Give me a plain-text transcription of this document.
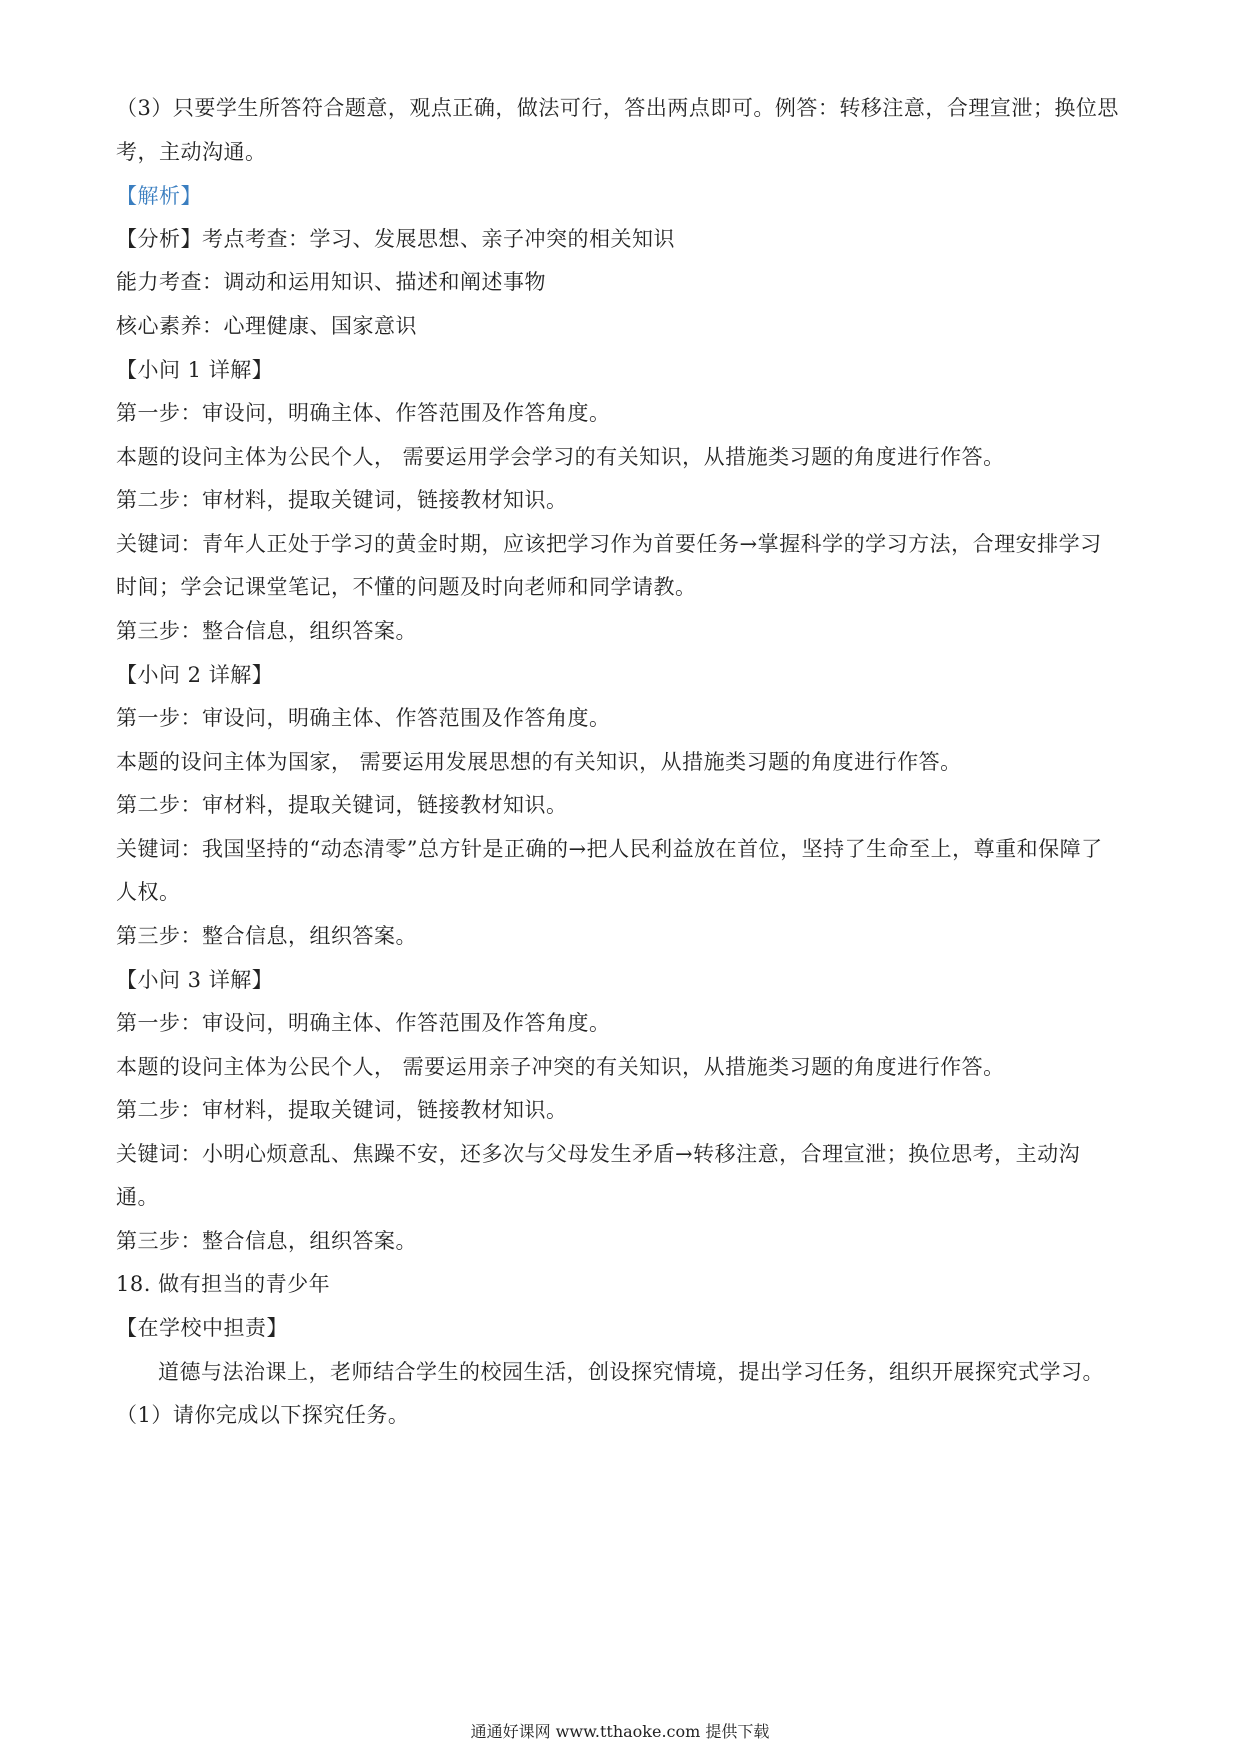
（3）只要学生所答符合题意，观点正确，做法可行，答出两点即可。例答：转移注意，合理宣泄；换位思
考，主动沟通。
【解析】
【分析】考点考查：学习、发展思想、亲子冲突的相关知识
能力考查：调动和运用知识、描述和阐述事物
核心素养：心理健康、国家意识
【小问 1 详解】
第一步：审设问，明确主体、作答范围及作答角度。
本题的设问主体为公民个人， 需要运用学会学习的有关知识，从措施类习题的角度进行作答。
第二步：审材料，提取关键词，链接教材知识。
关键词：青年人正处于学习的黄金时期，应该把学习作为首要任务→掌握科学的学习方法，合理安排学习
时间；学会记课堂笔记，不懂的问题及时向老师和同学请教。
第三步：整合信息，组织答案。
【小问 2 详解】
第一步：审设问，明确主体、作答范围及作答角度。
本题的设问主体为国家， 需要运用发展思想的有关知识，从措施类习题的角度进行作答。
第二步：审材料，提取关键词，链接教材知识。
关键词：我国坚持的“动态清零”总方针是正确的→把人民利益放在首位，坚持了生命至上，尊重和保障了
人权。
第三步：整合信息，组织答案。
【小问 3 详解】
第一步：审设问，明确主体、作答范围及作答角度。
本题的设问主体为公民个人， 需要运用亲子冲突的有关知识，从措施类习题的角度进行作答。
第二步：审材料，提取关键词，链接教材知识。
关键词：小明心烦意乱、焦躁不安，还多次与父母发生矛盾→转移注意，合理宣泄；换位思考，主动沟
通。
第三步：整合信息，组织答案。
18. 做有担当的青少年
【在学校中担责】
道德与法治课上，老师结合学生的校园生活，创设探究情境，提出学习任务，组织开展探究式学习。
（1）请你完成以下探究任务。
通通好课网 www.tthaoke.com 提供下载
